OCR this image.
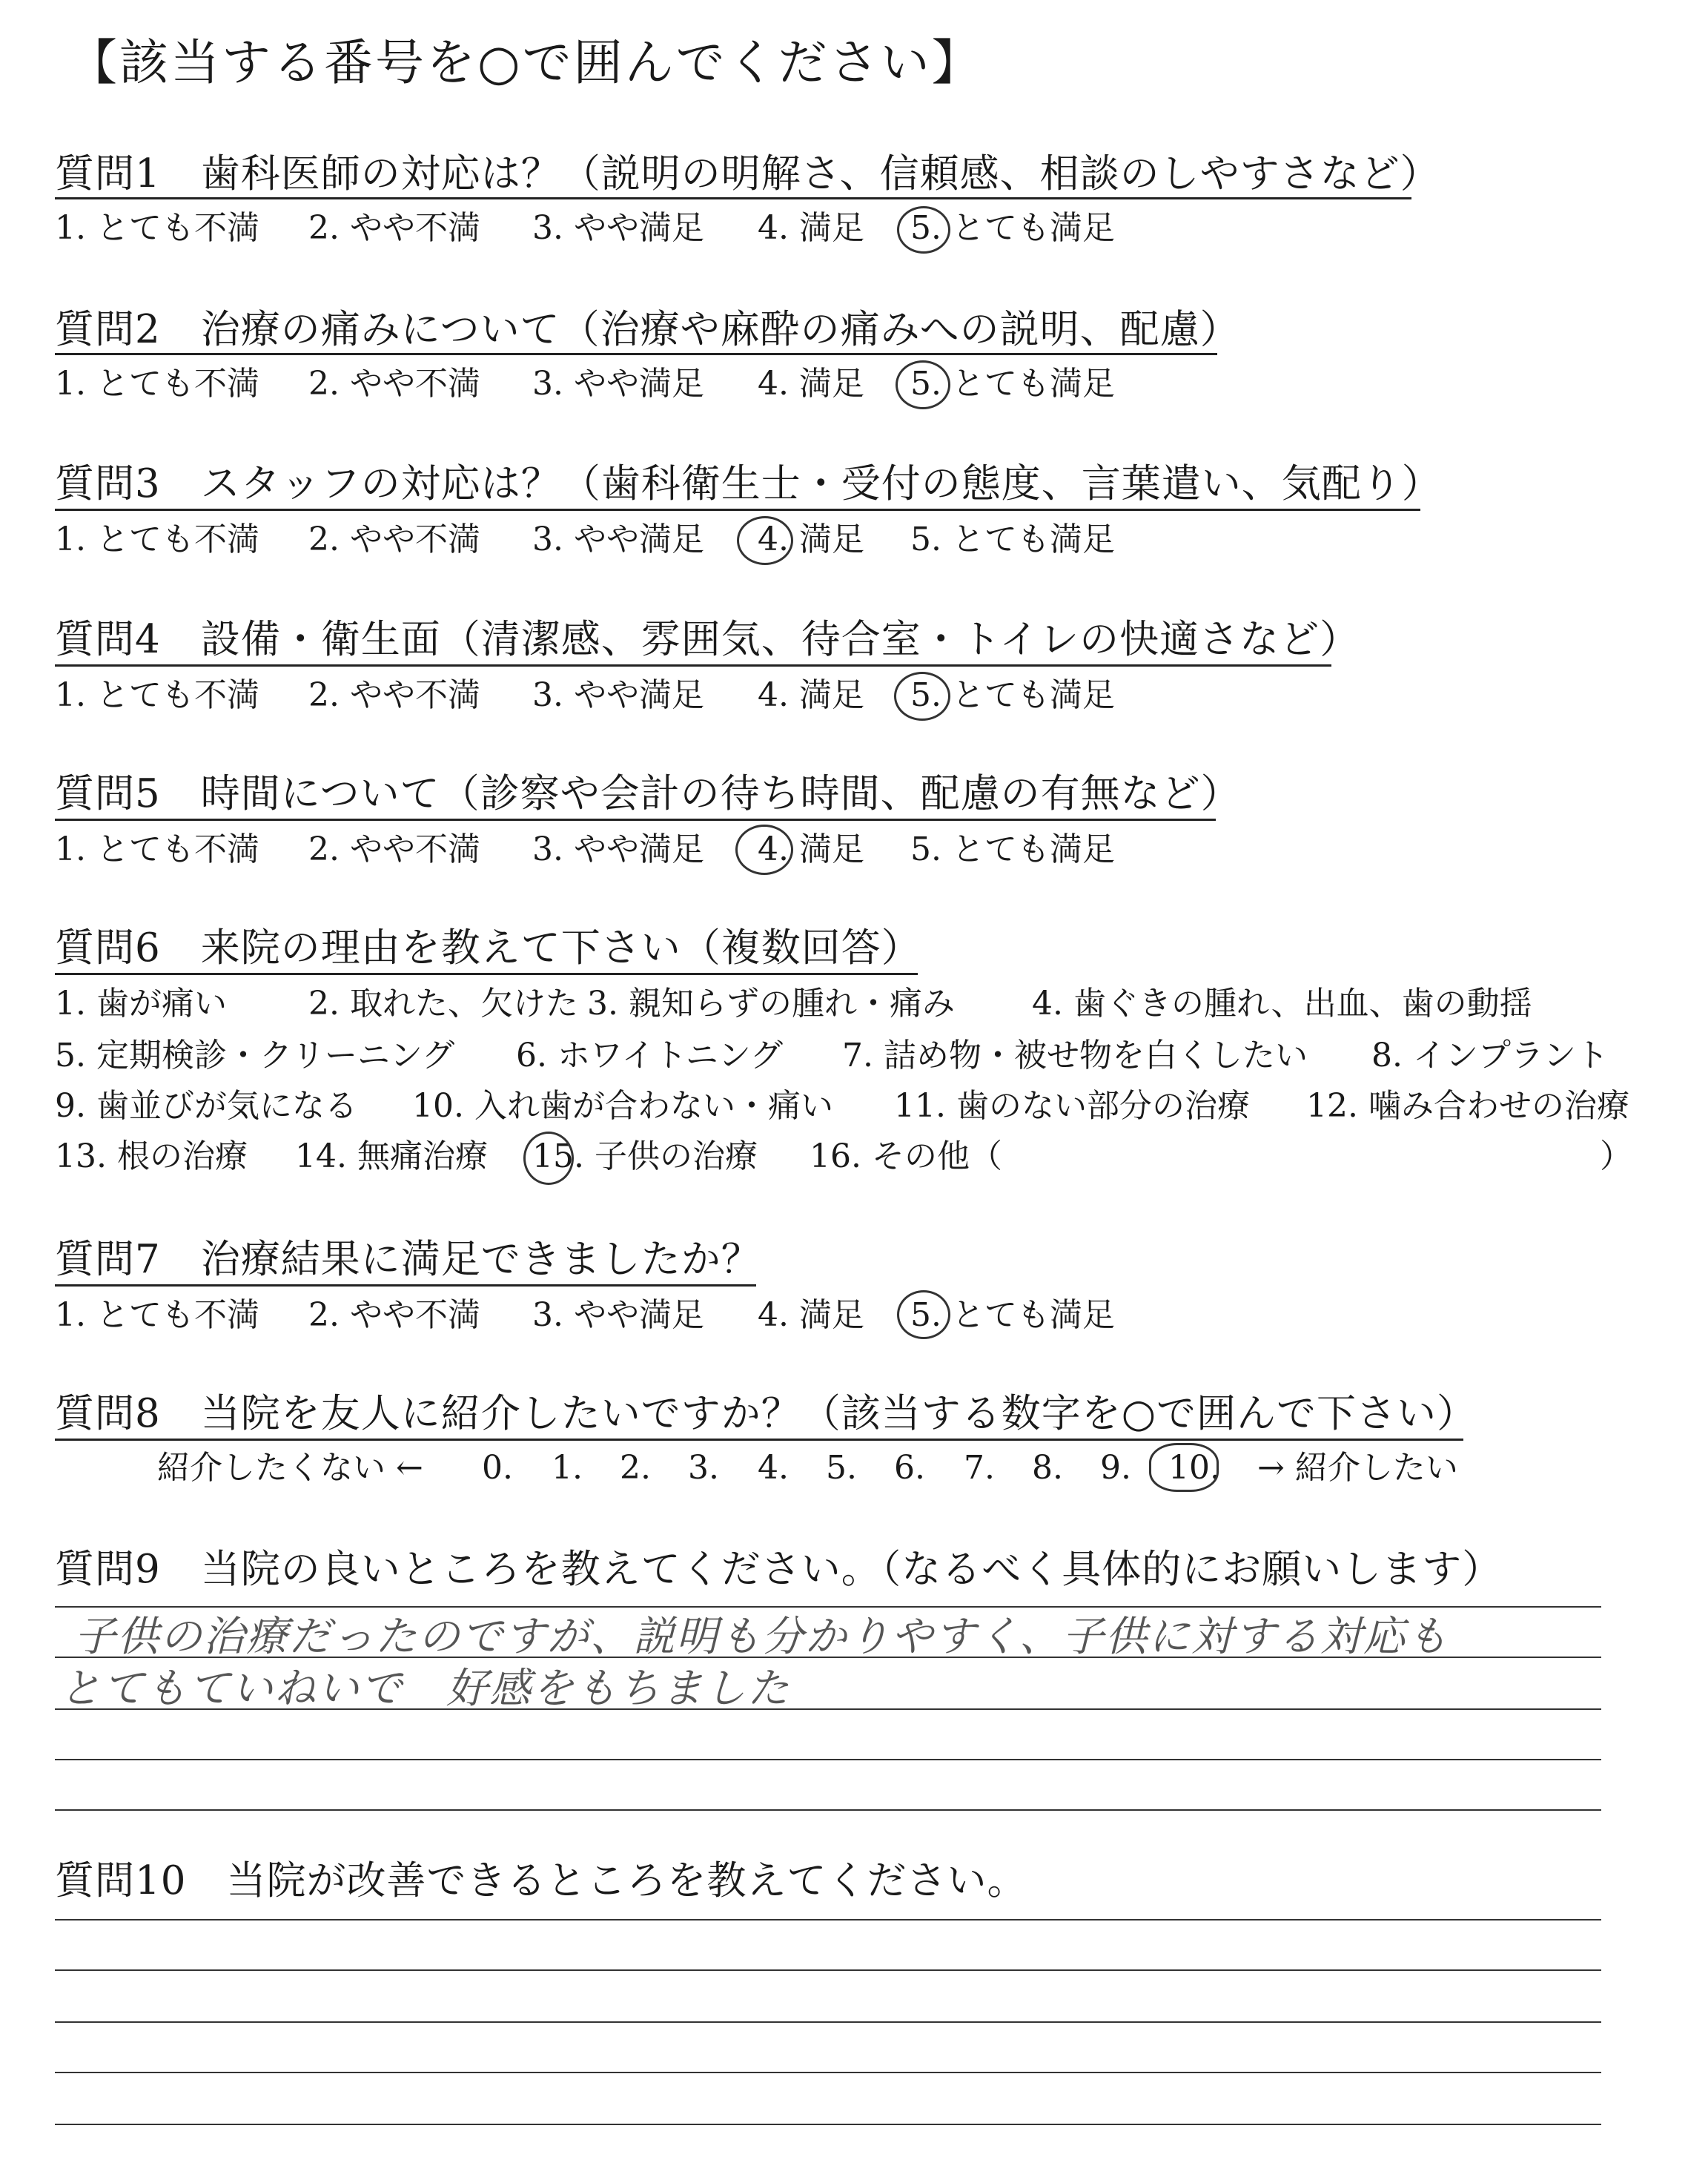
【該当する番号を○で囲んでください】
質問1　歯科医師の対応は？（説明の明解さ、信頼感、相談のしやすさなど）
1. とても不満 2. やや不満 3. やや満足 4. 満足 5. とても満足
質問2　治療の痛みについて（治療や麻酔の痛みへの説明、配慮）
1. とても不満 2. やや不満 3. やや満足 4. 満足 5. とても満足
質問3　スタッフの対応は？（歯科衛生士・受付の態度、言葉遣い、気配り）
1. とても不満 2. やや不満 3. やや満足 4. 満足 5. とても満足
質問4　設備・衛生面（清潔感、雰囲気、待合室・トイレの快適さなど）
1. とても不満 2. やや不満 3. やや満足 4. 満足 5. とても満足
質問5　時間について（診察や会計の待ち時間、配慮の有無など）
1. とても不満 2. やや不満 3. やや満足 4. 満足 5. とても満足
質問6　来院の理由を教えて下さい（複数回答）
1. 歯が痛い	2. 取れた、欠けた 3. 親知らずの腫れ・痛み 4. 歯ぐきの腫れ、出血、歯の動揺
5. 定期検診・クリーニング 6. ホワイトニング 7. 詰め物・被せ物を白くしたい 8. インプラント
9. 歯並びが気になる 10. 入れ歯が合わない・痛い 11. 歯のない部分の治療 12. 噛み合わせの治療
13. 根の治療 14. 無痛治療 15. 子供の治療 16. その他（	）
質問7　治療結果に満足できましたか？
1. とても不満 2. やや不満 3. やや満足 4. 満足 5. とても満足
質問8　当院を友人に紹介したいですか？（該当する数字を○で囲んで下さい）
紹介したくない ← 0. 1. 2. 3. 4. 5. 6. 7. 8. 9. 10. → 紹介したい
質問9　当院の良いところを教えてください。（なるべく具体的にお願いします）
子供の治療だったのですが、説明も分かりやすく、子供に対する対応も
とてもていねいで　好感をもちました
質問10　当院が改善できるところを教えてください。
